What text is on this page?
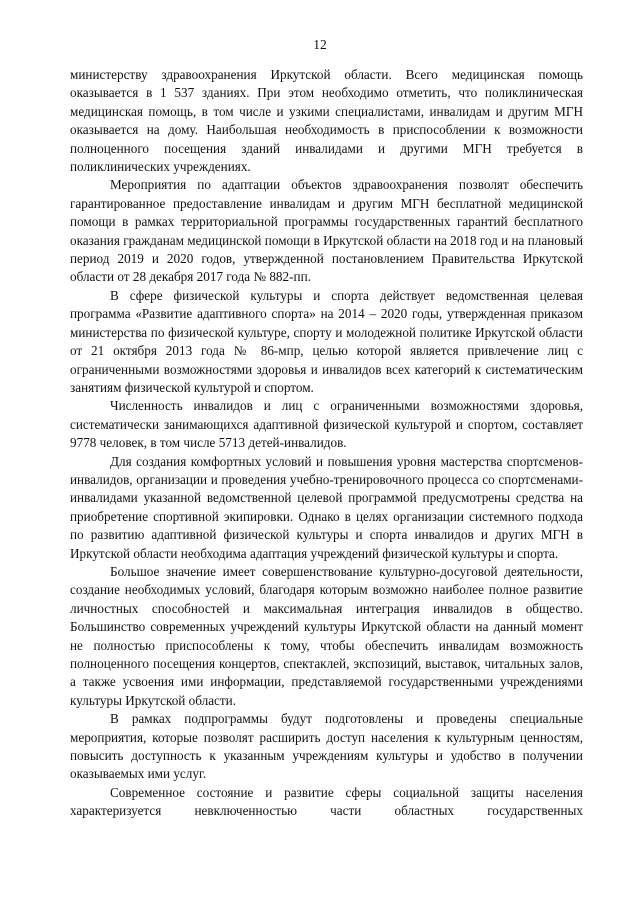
12

министерству здравоохранения Иркутской области. Всего медицинская помощь оказывается в 1 537 зданиях. При этом необходимо отметить, что поликлиническая медицинская помощь, в том числе и узкими специалистами, инвалидам и другим МГН оказывается на дому. Наибольшая необходимость в приспособлении к возможности полноценного посещения зданий инвалидами и другими МГН требуется в поликлинических учреждениях.

Мероприятия по адаптации объектов здравоохранения позволят обеспечить гарантированное предоставление инвалидам и другим МГН бесплатной медицинской помощи в рамках территориальной программы государственных гарантий бесплатного оказания гражданам медицинской помощи в Иркутской области на 2018 год и на плановый период 2019 и 2020 годов, утвержденной постановлением Правительства Иркутской области от 28 декабря 2017 года № 882-пп.

В сфере физической культуры и спорта действует ведомственная целевая программа «Развитие адаптивного спорта» на 2014 – 2020 годы, утвержденная приказом министерства по физической культуре, спорту и молодежной политике Иркутской области от 21 октября 2013 года № 86-мпр, целью которой является привлечение лиц с ограниченными возможностями здоровья и инвалидов всех категорий к систематическим занятиям физической культурой и спортом.

Численность инвалидов и лиц с ограниченными возможностями здоровья, систематически занимающихся адаптивной физической культурой и спортом, составляет 9778 человек, в том числе 5713 детей-инвалидов.

Для создания комфортных условий и повышения уровня мастерства спортсменов-инвалидов, организации и проведения учебно-тренировочного процесса со спортсменами-инвалидами указанной ведомственной целевой программой предусмотрены средства на приобретение спортивной экипировки. Однако в целях организации системного подхода по развитию адаптивной физической культуры и спорта инвалидов и других МГН в Иркутской области необходима адаптация учреждений физической культуры и спорта.

Большое значение имеет совершенствование культурно-досуговой деятельности, создание необходимых условий, благодаря которым возможно наиболее полное развитие личностных способностей и максимальная интеграция инвалидов в общество. Большинство современных учреждений культуры Иркутской области на данный момент не полностью приспособлены к тому, чтобы обеспечить инвалидам возможность полноценного посещения концертов, спектаклей, экспозиций, выставок, читальных залов, а также усвоения ими информации, представляемой государственными учреждениями культуры Иркутской области.

В рамках подпрограммы будут подготовлены и проведены специальные мероприятия, которые позволят расширить доступ населения к культурным ценностям, повысить доступность к указанным учреждениям культуры и удобство в получении оказываемых ими услуг.

Современное состояние и развитие сферы социальной защиты населения характеризуется невключенностью части областных государственных
